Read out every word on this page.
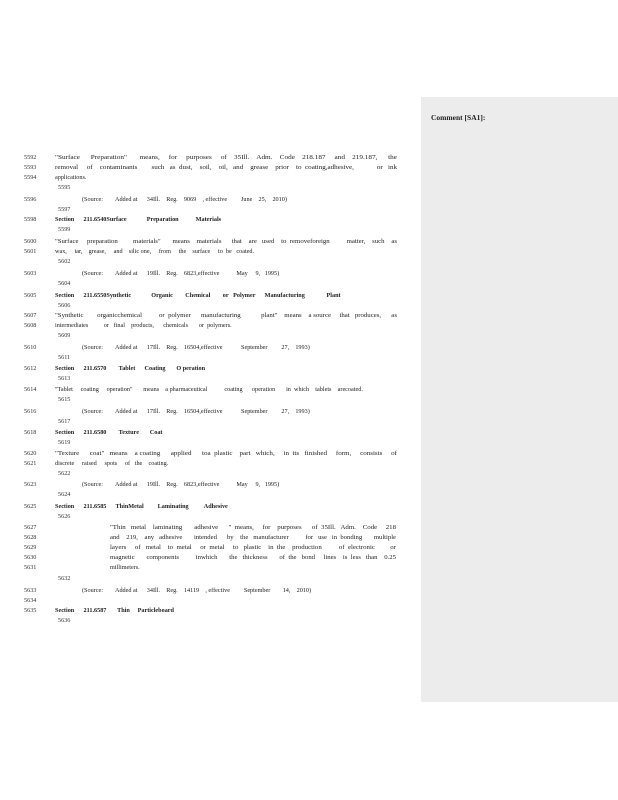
5592	"Surface      Preparation"       means,     for     purposes     of    35Ill.    Adm.    Code    218.187     and    219.187,      the
5593	removal     of    contaminants        such   as  dust,    soil,    oil,   and    grease    prior    to  coating,adhesive,             or   ink
5594	applications.
5595
5596	(Source:        Added at      34Ill.    Reg.    9069    , effective         June    25,    2010)
5597
5598	Section      211.6540Surface             Preparation           Materials
5599
5600	"Surface     preparation         materials"       means    materials      that    are   used    to  removeforeign          matter,    such    as
5601	wax,     tar,    grease,     and    silic one,     from     the    surface     to  be   coated.
5602
5603	(Source:        Added at      19Ill.    Reg.    6823,effective           May     9,   1995)
5604
5605	Section      211.6550Synthetic             Organic        Chemical        or   Polymer      Manufacturing              Plant
5606
5607	"Synthetic        organicchemical          or  polymer      manufacturing            plant"    means    a source     that   produces,      as
5608	intermediates          or   final    products,      chemicals       or  polymers.
5609
5610	(Source:        Added at      17Ill.    Reg.    16504,effective            September         27,    1993)
5611
5612	Section      211.6570        Tablet      Coating       O peration
5613
5614	"Tablet     coating     operation"       means    a pharmaceutical           coating      operation       in  which    tablets    arecoated.
5615
5616	(Source:        Added at      17Ill.    Reg.    16504,effective            September         27,    1993)
5617
5618	Section      211.6580        Texture       Coat
5619
5620	"Texture      coat"   means    a coating      applied      toa  plastic    part   which,     in  its   finished     form,     consists     of
5621	discrete     raised     spots     of   the    coating.
5622
5623	(Source:        Added at      19Ill.    Reg.    6823,effective           May     9,   1995)
5624
5625	Section      211.6585      ThinMetal         Laminating          Adhesive
5626
5627	"Thin   metal    laminating       adhesive      "  means,     for    purposes      of  35Ill.   Adm.    Code     218
5628	and    219,    any   adhesive       intended      by    the   manufacturer          for   use   in  bonding       multiple
5629	layers     of   metal    to  metal     or  metal     to   plastic    in  the    production          of  electronic         or
5630	magnetic       components          inwhich       the   thickness       of  the   bond     lines    is  less   than    0.25
5631	millimeters.
5632
5633	(Source:        Added at      34Ill.    Reg.    14119    , effective         September        14,    2010)
5634
5635	Section      211.6587       Thin     Particleboard
5636
Comment [SA1]:
